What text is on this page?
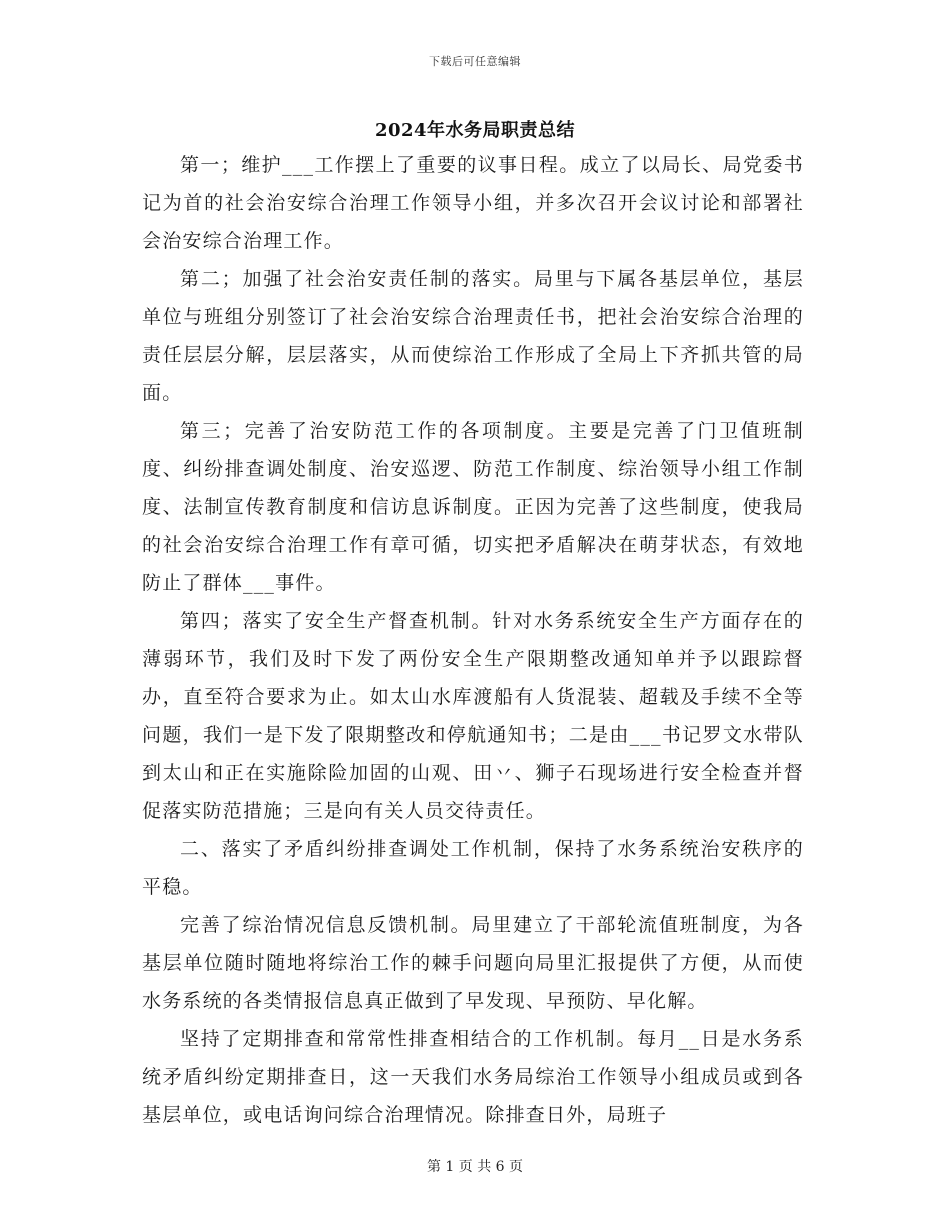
下载后可任意编辑
2024年水务局职责总结

第一；维护___工作摆上了重要的议事日程。成立了以局长、局党委书记为首的社会治安综合治理工作领导小组，并多次召开会议讨论和部署社会治安综合治理工作。

第二；加强了社会治安责任制的落实。局里与下属各基层单位，基层单位与班组分别签订了社会治安综合治理责任书，把社会治安综合治理的责任层层分解，层层落实，从而使综治工作形成了全局上下齐抓共管的局面。

第三；完善了治安防范工作的各项制度。主要是完善了门卫值班制度、纠纷排查调处制度、治安巡逻、防范工作制度、综治领导小组工作制度、法制宣传教育制度和信访息诉制度。正因为完善了这些制度，使我局的社会治安综合治理工作有章可循，切实把矛盾解决在萌芽状态，有效地防止了群体___事件。

第四；落实了安全生产督查机制。针对水务系统安全生产方面存在的薄弱环节，我们及时下发了两份安全生产限期整改通知单并予以跟踪督办，直至符合要求为止。如太山水库渡船有人货混装、超载及手续不全等问题，我们一是下发了限期整改和停航通知书；二是由___书记罗文水带队到太山和正在实施除险加固的山观、田丷、狮子石现场进行安全检查并督促落实防范措施；三是向有关人员交待责任。

二、落实了矛盾纠纷排查调处工作机制，保持了水务系统治安秩序的平稳。

完善了综治情况信息反馈机制。局里建立了干部轮流值班制度，为各基层单位随时随地将综治工作的棘手问题向局里汇报提供了方便，从而使水务系统的各类情报信息真正做到了早发现、早预防、早化解。

坚持了定期排查和常常性排查相结合的工作机制。每月__日是水务系统矛盾纠纷定期排查日，这一天我们水务局综治工作领导小组成员或到各基层单位，或电话询问综合治理情况。除排查日外，局班子

第 1 页 共 6 页
